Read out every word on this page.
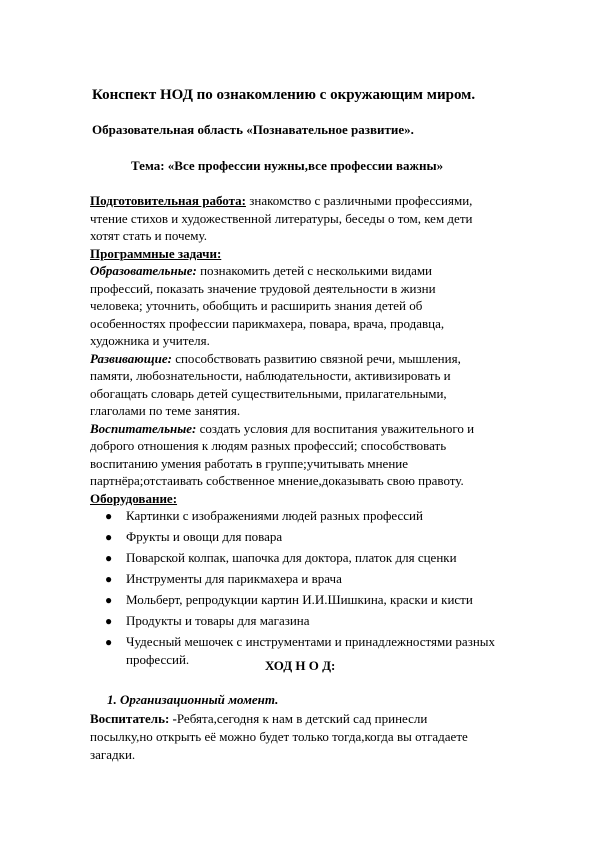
Конспект НОД по ознакомлению с окружающим миром.
Образовательная область «Познавательное развитие».
Тема: «Все профессии нужны,все профессии важны»

Подготовительная работа: знакомство с различными профессиями,
чтение стихов и художественной литературы, беседы о том, кем дети
хотят стать и почему.

Программные задачи:

Образовательные: познакомить детей с несколькими видами
профессий, показать значение трудовой деятельности в жизни
человека; уточнить, обобщить и расширить знания детей об
особенностях профессии парикмахера, повара, врача, продавца,
художника и учителя.

Развивающие: способствовать развитию связной речи, мышления,
памяти, любознательности, наблюдательности, активизировать и
обогащать словарь детей существительными, прилагательными,
глаголами по теме занятия.

Воспитательные: создать условия для воспитания уважительного и
доброго отношения к людям разных профессий; способствовать
воспитанию умения работать в группе;учитывать мнение
партнёра;отстаивать собственное мнение,доказывать свою правоту.

Оборудование:

● Картинки с изображениями людей разных профессий
● Фрукты и овощи для повара
● Поварской колпак, шапочка для доктора, платок для сценки
● Инструменты для парикмахера и врача
● Мольберт, репродукции картин И.И.Шишкина, краски и кисти
● Продукты и товары для магазина
● Чудесный мешочек с инструментами и принадлежностями разных профессий.	ХОД Н О Д:
1. Организационный момент.

Воспитатель: -Ребята,сегодня к нам в детский сад принесли
посылку,но открыть её можно будет только тогда,когда вы отгадаете
загадки.
